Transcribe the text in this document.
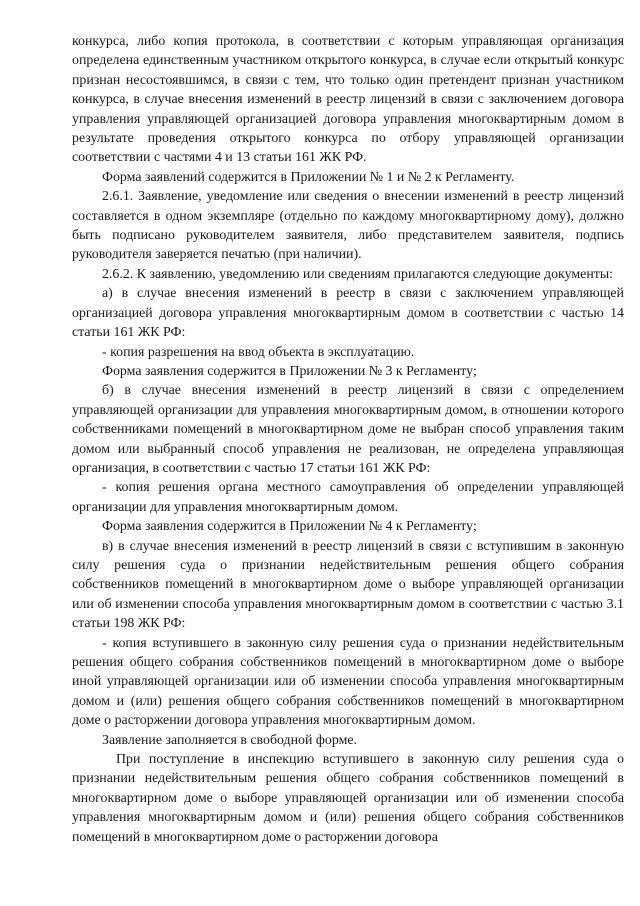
конкурса, либо копия протокола, в соответствии с которым управляющая организация определена единственным участником открытого конкурса, в случае если открытый конкурс признан несостоявшимся, в связи с тем, что только один претендент признан участником конкурса, в случае внесения изменений в реестр лицензий в связи с заключением договора управления управляющей организацией договора управления многоквартирным домом в результате проведения открытого конкурса по отбору управляющей организации соответствии с частями 4 и 13 статьи 161 ЖК РФ.

Форма заявлений содержится в Приложении № 1 и № 2 к Регламенту.

2.6.1. Заявление, уведомление или сведения о внесении изменений в реестр лицензий составляется в одном экземпляре (отдельно по каждому многоквартирному дому), должно быть подписано руководителем заявителя, либо представителем заявителя, подпись руководителя заверяется печатью (при наличии).

2.6.2. К заявлению, уведомлению или сведениям прилагаются следующие документы:

а) в случае внесения изменений в реестр в связи с заключением управляющей организацией договора управления многоквартирным домом в соответствии с частью 14 статьи 161 ЖК РФ:

- копия разрешения на ввод объекта в эксплуатацию.

Форма заявления содержится в Приложении № 3 к Регламенту;

б) в случае внесения изменений в реестр лицензий в связи с определением управляющей организации для управления многоквартирным домом, в отношении которого собственниками помещений в многоквартирном доме не выбран способ управления таким домом или выбранный способ управления не реализован, не определена управляющая организация, в соответствии с частью 17 статьи 161 ЖК РФ:

- копия решения органа местного самоуправления об определении управляющей организации для управления многоквартирным домом.

Форма заявления содержится в Приложении № 4 к Регламенту;

в) в случае внесения изменений в реестр лицензий в связи с вступившим в законную силу решения суда о признании недействительным решения общего собрания собственников помещений в многоквартирном доме о выборе управляющей организации или об изменении способа управления многоквартирным домом в соответствии с частью 3.1 статьи 198 ЖК РФ:

- копия вступившего в законную силу решения суда о признании недействительным решения общего собрания собственников помещений в многоквартирном доме о выборе иной управляющей организации или об изменении способа управления многоквартирным домом и (или) решения общего собрания собственников помещений в многоквартирном доме о расторжении договора управления многоквартирным домом.

Заявление заполняется в свободной форме.

При поступление в инспекцию вступившего в законную силу решения суда о признании недействительным решения общего собрания собственников помещений в многоквартирном доме о выборе управляющей организации или об изменении способа управления многоквартирным домом и (или) решения общего собрания собственников помещений в многоквартирном доме о расторжении договора
